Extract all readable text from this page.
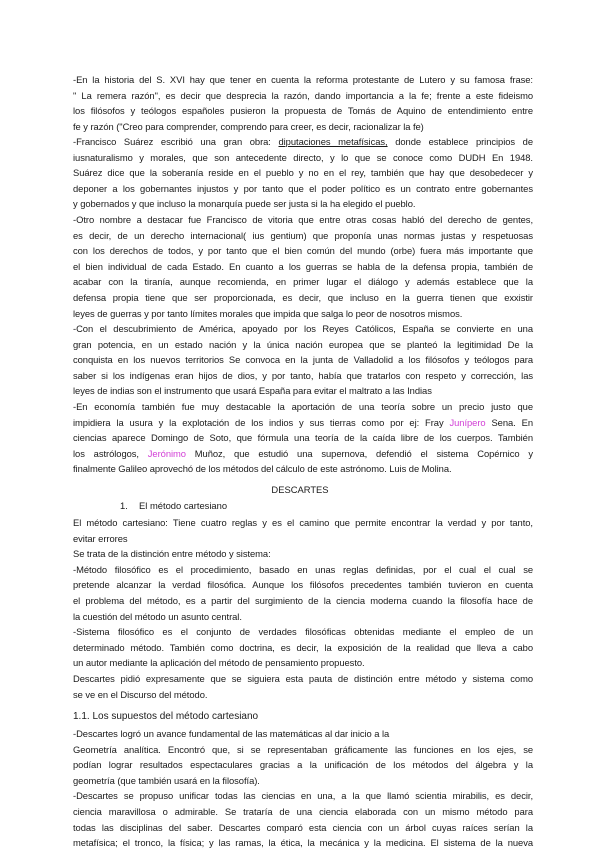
-En la historia del S. XVI hay que tener en cuenta la reforma protestante de Lutero y su famosa frase:
" La remera razón", es decir que desprecia la razón, dando importancia a la fe; frente a este fideismo
los filósofos y teólogos españoles pusieron la propuesta de Tomás de Aquino de entendimiento entre
fe y razón ("Creo para comprender, comprendo para creer, es decir, racionalizar la fe)
-Francisco Suárez escribió una gran obra: diputaciones metafísicas, donde establece principios de
iusnaturalismo y morales, que son antecedente directo, y lo que se conoce como DUDH En 1948.
Suárez dice que la soberanía reside en el pueblo y no en el rey, también que hay que desobedecer y
deponer a los gobernantes injustos y por tanto que el poder político es un contrato entre gobernantes
y gobernados y que incluso la monarquía puede ser justa si la ha elegido el pueblo.
-Otro nombre a destacar fue Francisco de vitoria que entre otras cosas habló del derecho de gentes,
es decir, de un derecho internacional( ius gentium) que proponía unas normas justas y respetuosas
con los derechos de todos, y por tanto que el bien común del mundo (orbe) fuera más importante que
el bien individual de cada Estado. En cuanto a los guerras se habla de la defensa propia, también de
acabar con la tiranía, aunque recomienda, en primer lugar el diálogo y además establece que la
defensa propia tiene que ser proporcionada, es decir, que incluso en la guerra tienen que exxistir
leyes de guerras y por tanto límites morales que impida que salga lo peor de nosotros mismos.
-Con el descubrimiento de América, apoyado por los Reyes Católicos, España se convierte en una
gran potencia, en un estado nación y la única nación europea que se planteó la legitimidad De la
conquista en los nuevos territorios Se convoca en la junta de Valladolid a los filósofos y teólogos para
saber si los indígenas eran hijos de dios, y por tanto, había que tratarlos con respeto y corrección, las
leyes de indias son el instrumento que usará España para evitar el maltrato a las Indias
-En economía también fue muy destacable la aportación de una teoría sobre un precio justo que
impidiera la usura y la explotación de los indios y sus tierras como por ej: Fray Junípero Sena. En
ciencias aparece Domingo de Soto, que fórmula una teoría de la caída libre de los cuerpos. También
los astrólogos, Jerónimo Muñoz, que estudió una supernova, defendió el sistema Copérnico y
finalmente Galileo aprovechó de los métodos del cálculo de este astrónomo. Luis de Molina.
DESCARTES
1. El método cartesiano
El método cartesiano: Tiene cuatro reglas y es el camino que permite encontrar la verdad y por tanto,
evitar errores
Se trata de la distinción entre método y sistema:
-Método filosófico es el procedimiento, basado en unas reglas definidas, por el cual el cual se
pretende alcanzar la verdad filosófica. Aunque los filósofos precedentes también tuvieron en cuenta
el problema del método, es a partir del surgimiento de la ciencia moderna cuando la filosofía hace de
la cuestión del método un asunto central.
-Sistema filosófico es el conjunto de verdades filosóficas obtenidas mediante el empleo de un
determinado método. También como doctrina, es decir, la exposición de la realidad que lleva a cabo
un autor mediante la aplicación del método de pensamiento propuesto.
Descartes pidió expresamente que se siguiera esta pauta de distinción entre método y sistema como
se ve en el Discurso del método.
1.1. Los supuestos del método cartesiano
-Descartes logró un avance fundamental de las matemáticas al dar inicio a la
Geometría analítica. Encontró que, si se representaban gráficamente las funciones en los ejes, se
podían lograr resultados espectaculares gracias a la unificación de los métodos del álgebra y la
geometría (que también usará en la filosofía).
-Descartes se propuso unificar todas las ciencias en una, a la que llamó scientia mirabilis, es decir,
ciencia maravillosa o admirable. Se trataría de una ciencia elaborada con un mismo método para
todas las disciplinas del saber. Descartes comparó esta ciencia con un árbol cuyas raíces serían la
metafísica; el tronco, la física; y las ramas, la ética, la mecánica y la medicina. El sistema de la nueva
